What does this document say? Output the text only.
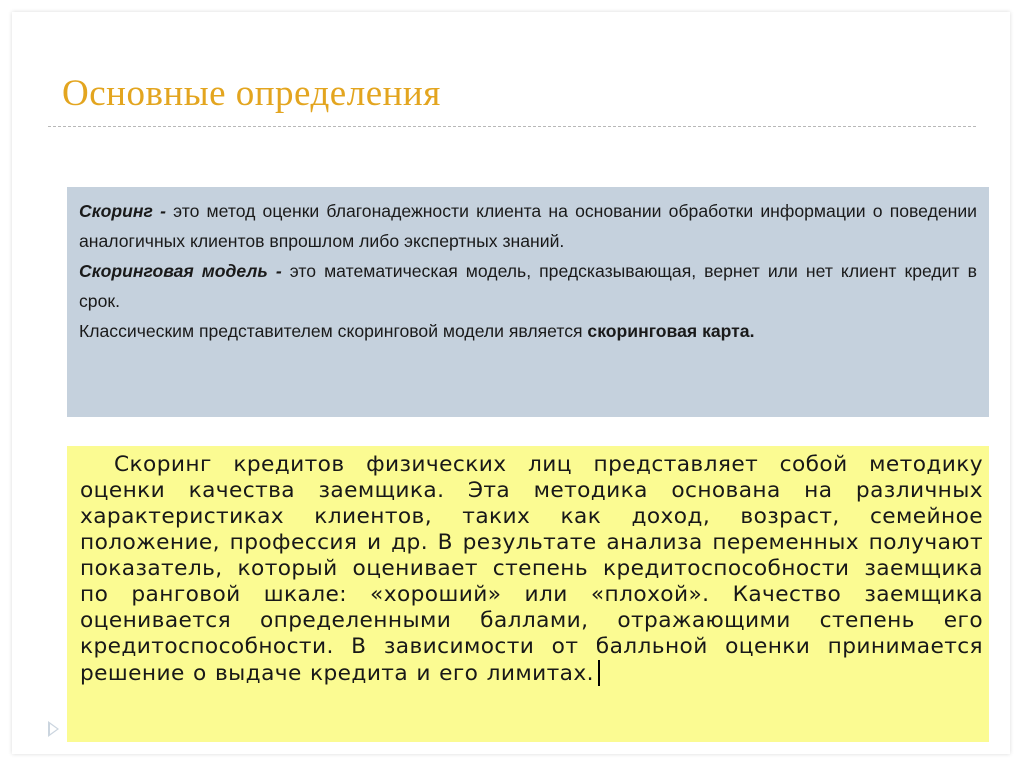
Основные определения

Скоринг - это метод оценки благонадежности клиента на основании обработки информации о поведении аналогичных клиентов впрошлом либо экспертных знаний.

Скоринговая модель - это математическая модель, предсказывающая, вернет или нет клиент кредит в срок.

Классическим представителем скоринговой модели является скоринговая карта.

Скоринг кредитов физических лиц представляет собой методику оценки качества заемщика. Эта методика основана на различных характеристиках клиентов, таких как доход, возраст, семейное положение, профессия и др. В результате анализа переменных получают показатель, который оценивает степень кредитоспособности заемщика по ранговой шкале: «хороший» или «плохой». Качество заемщика оценивается определенными баллами, отражающими степень его кредитоспособности. В зависимости от балльной оценки принимается решение о выдаче кредита и его лимитах.
